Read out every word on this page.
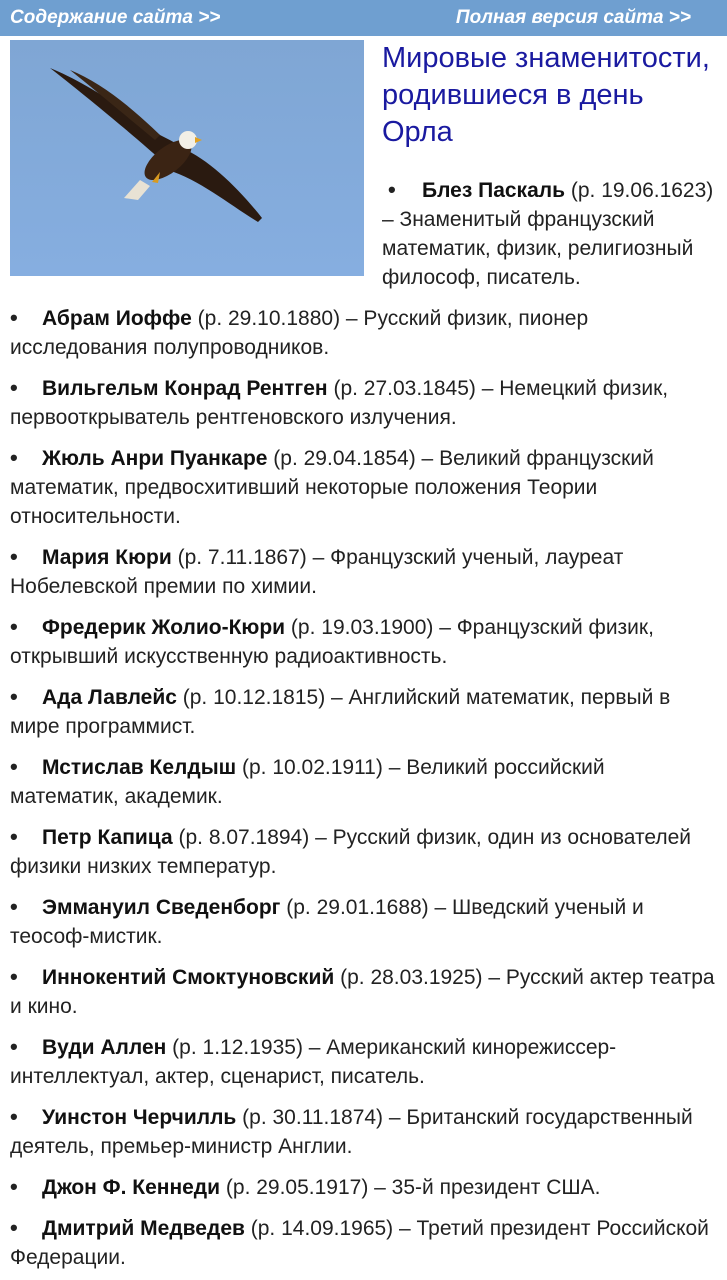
Содержание сайта >>	Полная версия сайта >>
Мировые знаменитости, родившиеся в день Орла
•Блез Паскаль (р. 19.06.1623) – Знаменитый французский математик, физик, религиозный философ, писатель.
•Абрам Иоффе (р. 29.10.1880) – Русский физик, пионер исследования полупроводников.
•Вильгельм Конрад Рентген (р. 27.03.1845) – Немецкий физик, первооткрыватель рентгеновского излучения.
•Жюль Анри Пуанкаре (р. 29.04.1854) – Великий французский математик, предвосхитивший некоторые положения Теории относительности.
•Мария Кюри (р. 7.11.1867) – Французский ученый, лауреат Нобелевской премии по химии.
•Фредерик Жолио-Кюри (р. 19.03.1900) – Французский физик, открывший искусственную радиоактивность.
•Ада Лавлейс (р. 10.12.1815) – Английский математик, первый в мире программист.
•Мстислав Келдыш (р. 10.02.1911) – Великий российский математик, академик.
•Петр Капица (р. 8.07.1894) – Русский физик, один из основателей физики низких температур.
•Эммануил Сведенборг (р. 29.01.1688) – Шведский ученый и теософ-мистик.
•Иннокентий Смоктуновский (р. 28.03.1925) – Русский актер театра и кино.
•Вуди Аллен (р. 1.12.1935) – Американский кинорежиссер-интеллектуал, актер, сценарист, писатель.
•Уинстон Черчилль (р. 30.11.1874) – Британский государственный деятель, премьер-министр Англии.
•Джон Ф. Кеннеди (р. 29.05.1917) – 35-й президент США.
•Дмитрий Медведев (р. 14.09.1965) – Третий президент Российской Федерации.
